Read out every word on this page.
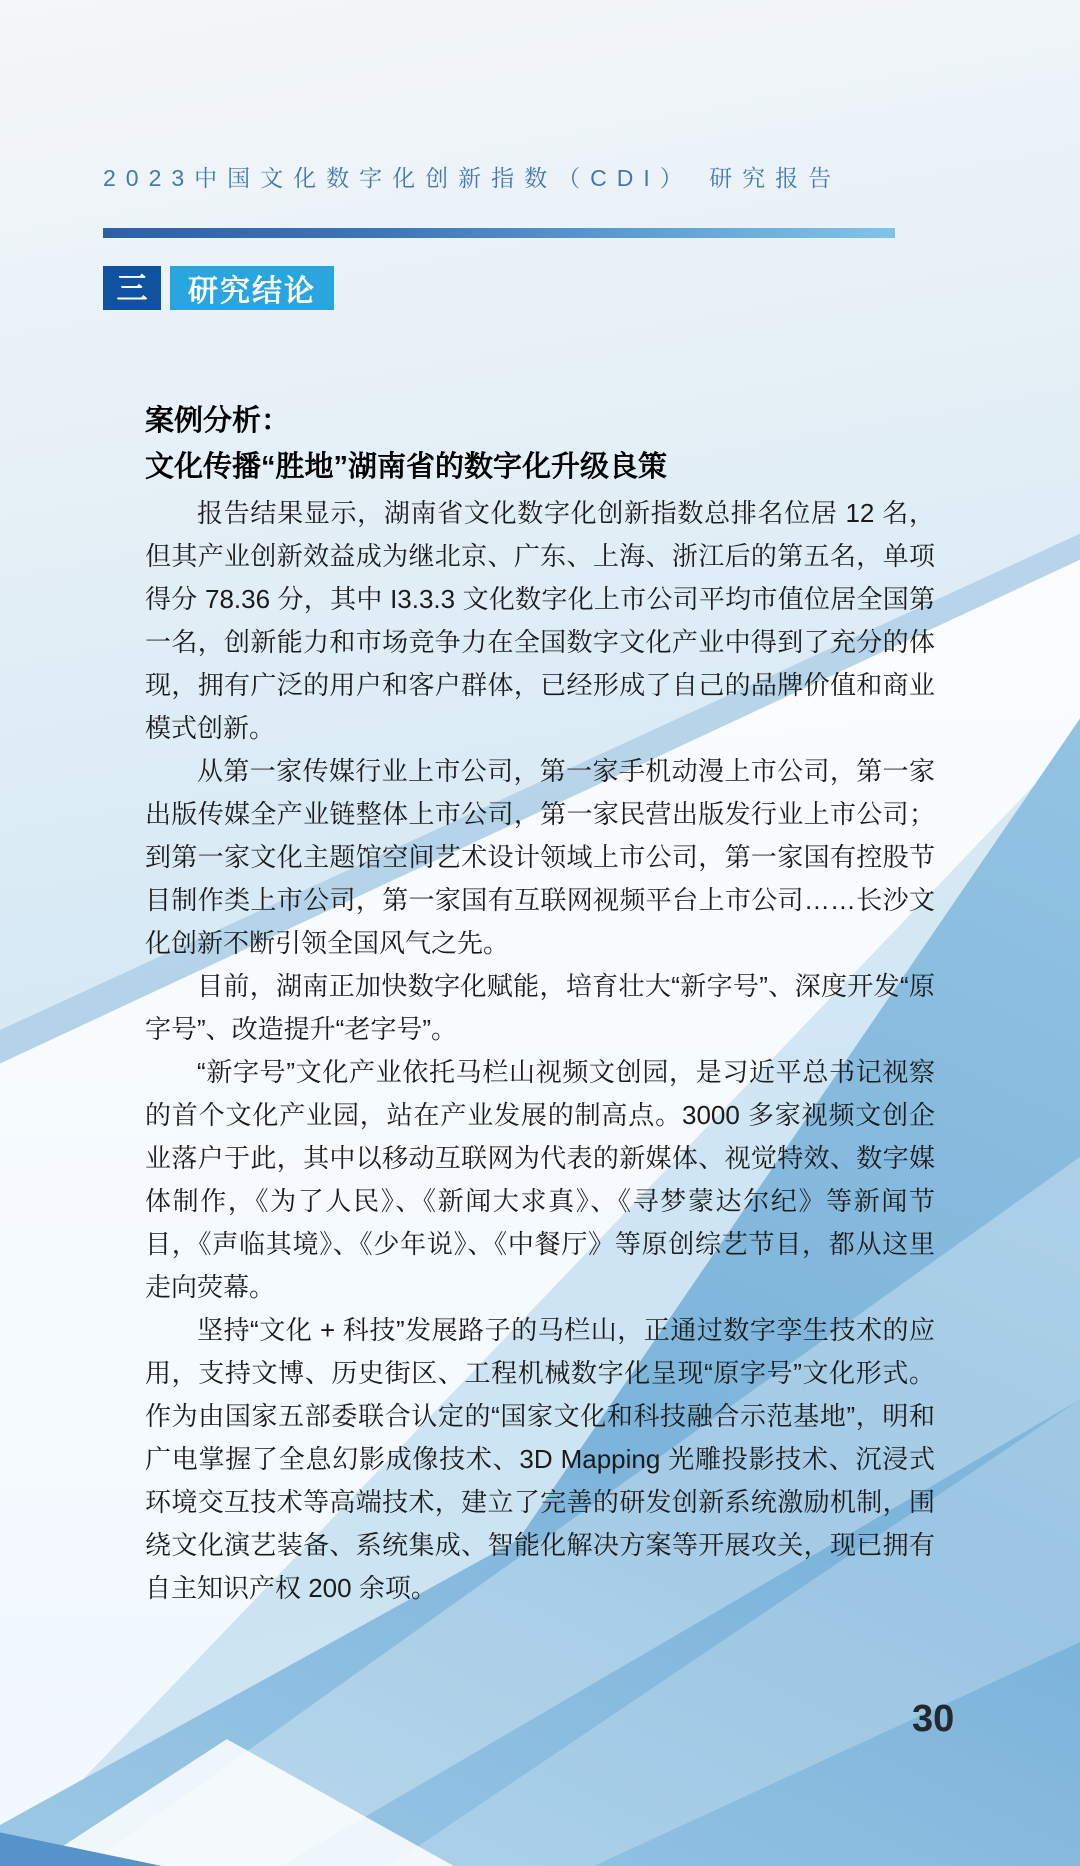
2023中国文化数字化创新指数（CDI） 研究报告
三	研究结论
案例分析：
文化传播“胜地”湖南省的数字化升级良策

报告结果显示，湖南省文化数字化创新指数总排名位居 12 名，但其产业创新效益成为继北京、广东、上海、浙江后的第五名，单项得分 78.36 分，其中 I3.3.3 文化数字化上市公司平均市值位居全国第一名，创新能力和市场竞争力在全国数字文化产业中得到了充分的体现，拥有广泛的用户和客户群体，已经形成了自己的品牌价值和商业模式创新。

从第一家传媒行业上市公司，第一家手机动漫上市公司，第一家出版传媒全产业链整体上市公司，第一家民营出版发行业上市公司；到第一家文化主题馆空间艺术设计领域上市公司，第一家国有控股节目制作类上市公司，第一家国有互联网视频平台上市公司……长沙文化创新不断引领全国风气之先。

目前，湖南正加快数字化赋能，培育壮大“新字号”、深度开发“原字号”、改造提升“老字号”。

“新字号”文化产业依托马栏山视频文创园，是习近平总书记视察的首个文化产业园，站在产业发展的制高点。3000 多家视频文创企业落户于此，其中以移动互联网为代表的新媒体、视觉特效、数字媒体制作，《为了人民》、《新闻大求真》、《寻梦蒙达尔纪》等新闻节目，《声临其境》、《少年说》、《中餐厅》等原创综艺节目，都从这里走向荧幕。

坚持“文化 + 科技”发展路子的马栏山，正通过数字孪生技术的应用，支持文博、历史街区、工程机械数字化呈现“原字号”文化形式。作为由国家五部委联合认定的“国家文化和科技融合示范基地”，明和广电掌握了全息幻影成像技术、3D Mapping 光雕投影技术、沉浸式环境交互技术等高端技术，建立了完善的研发创新系统激励机制，围绕文化演艺装备、系统集成、智能化解决方案等开展攻关，现已拥有自主知识产权 200 余项。

30
